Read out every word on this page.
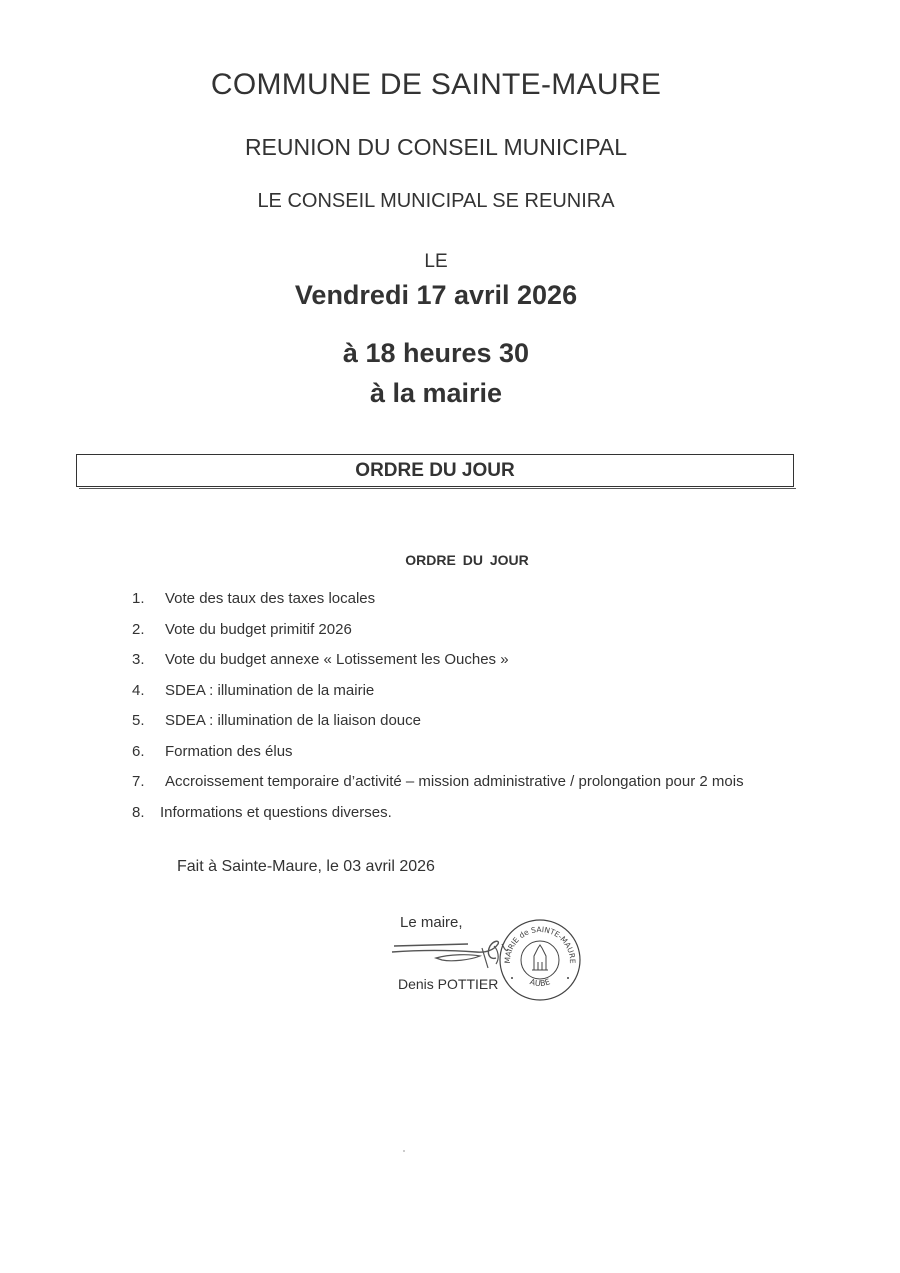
COMMUNE DE SAINTE-MAURE
REUNION DU CONSEIL MUNICIPAL
LE CONSEIL MUNICIPAL SE REUNIRA
LE
Vendredi 17 avril 2026
à 18 heures 30
à la mairie
ORDRE DU JOUR
ORDRE DU JOUR
1. Vote des taux des taxes locales
2. Vote du budget primitif 2026
3. Vote du budget annexe « Lotissement les Ouches »
4. SDEA : illumination de la mairie
5. SDEA : illumination de la liaison douce
6. Formation des élus
7. Accroissement temporaire d’activité – mission administrative / prolongation pour 2 mois
8. Informations et questions diverses.
Fait à Sainte-Maure, le 03 avril 2026
Le maire,
MAIRIE de SAINTE-MAURE
AUBE
Denis POTTIER
